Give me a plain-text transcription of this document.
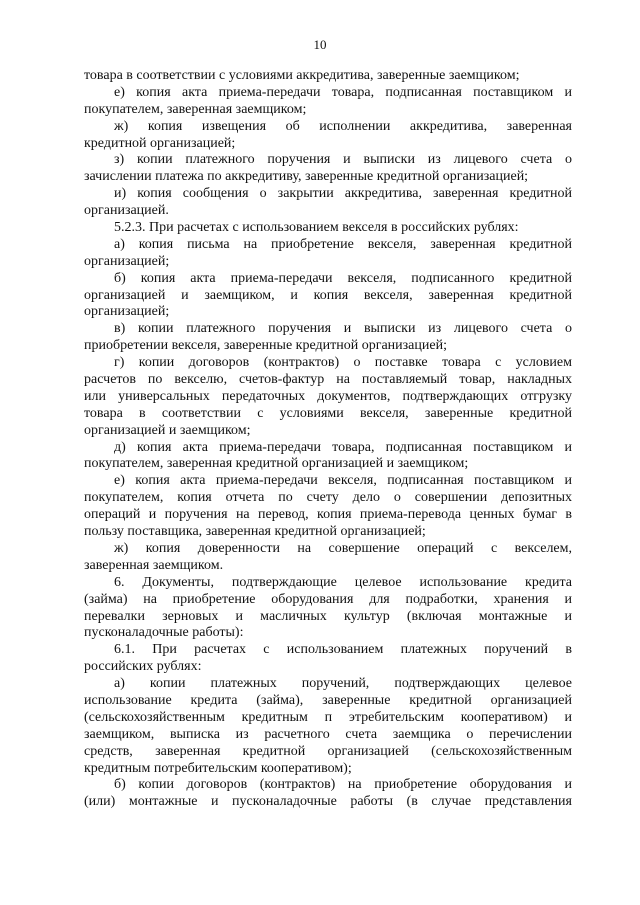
10
товара в соответствии с условиями аккредитива, заверенные заемщиком;
е) копия акта приема-передачи товара, подписанная поставщиком и
покупателем, заверенная заемщиком;
ж) копия извещения об исполнении аккредитива, заверенная
кредитной организацией;
з) копии платежного поручения и выписки из лицевого счета о
зачислении платежа по аккредитиву, заверенные кредитной организацией;
и) копия сообщения о закрытии аккредитива, заверенная кредитной
организацией.
5.2.3. При расчетах с использованием векселя в российских рублях:
а) копия письма на приобретение векселя, заверенная кредитной
организацией;
б) копия акта приема-передачи векселя, подписанного кредитной
организацией и заемщиком, и копия векселя, заверенная кредитной
организацией;
в) копии платежного поручения и выписки из лицевого счета о
приобретении векселя, заверенные кредитной организацией;
г) копии договоров (контрактов) о поставке товара с условием
расчетов по векселю, счетов-фактур на поставляемый товар, накладных
или универсальных передаточных документов, подтверждающих отгрузку
товара в соответствии с условиями векселя, заверенные кредитной
организацией и заемщиком;
д) копия акта приема-передачи товара, подписанная поставщиком и
покупателем, заверенная кредитной организацией и заемщиком;
е) копия акта приема-передачи векселя, подписанная поставщиком и
покупателем, копия отчета по счету дело о совершении депозитных
операций и поручения на перевод, копия приема-перевода ценных бумаг в
пользу поставщика, заверенная кредитной организацией;
ж) копия доверенности на совершение операций с векселем,
заверенная заемщиком.
6. Документы, подтверждающие целевое использование кредита
(займа) на приобретение оборудования для подработки, хранения и
перевалки зерновых и масличных культур (включая монтажные и
пусконаладочные работы):
6.1. При расчетах с использованием платежных поручений в
российских рублях:
а) копии платежных поручений, подтверждающих целевое
использование кредита (займа), заверенные кредитной организацией
(сельскохозяйственным кредитным п этребительским кооперативом) и
заемщиком, выписка из расчетного счета заемщика о перечислении
средств, заверенная кредитной организацией (сельскохозяйственным
кредитным потребительским кооперативом);
б) копии договоров (контрактов) на приобретение оборудования и
(или) монтажные и пусконаладочные работы (в случае представления
